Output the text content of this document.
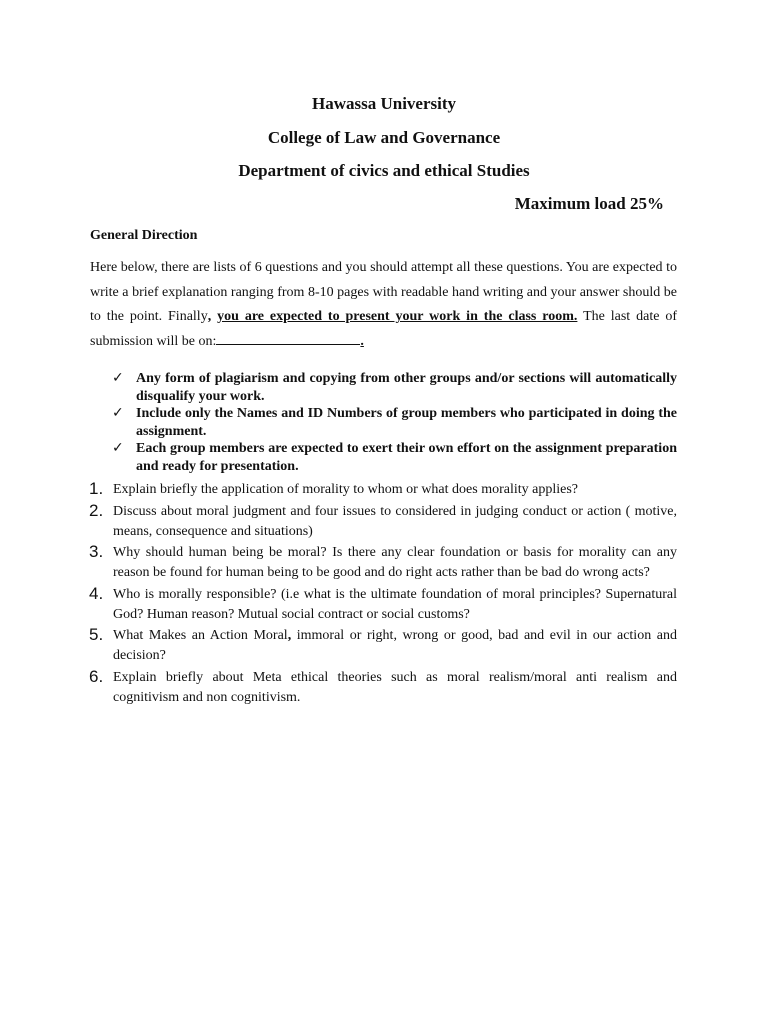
Hawassa University
College of Law and Governance
Department of civics and ethical Studies
Maximum load 25%
General Direction
Here below, there are lists of 6 questions and you should attempt all these questions. You are expected to write a brief explanation ranging from 8-10 pages with readable hand writing and your answer should be to the point. Finally, you are expected to present your work in the class room. The last date of submission will be on:	.
✓ Any form of plagiarism and copying from other groups and/or sections will automatically disqualify your work.
✓ Include only the Names and ID Numbers of group members who participated in doing the assignment.
✓ Each group members are expected to exert their own effort on the assignment preparation and ready for presentation.
1. Explain briefly the application of morality to whom or what does morality applies?
2. Discuss about moral judgment and four issues to considered in judging conduct or action ( motive, means, consequence and situations)
3. Why should human being be moral? Is there any clear foundation or basis for morality can any reason be found for human being to be good and do right acts rather than be bad do wrong acts?
4. Who is morally responsible? (i.e what is the ultimate foundation of moral principles? Supernatural God? Human reason? Mutual social contract or social customs?
5. What Makes an Action Moral, immoral or right, wrong or good, bad and evil in our action and decision?
6. Explain briefly about Meta ethical theories such as moral realism/moral anti realism and cognitivism and non cognitivism.
